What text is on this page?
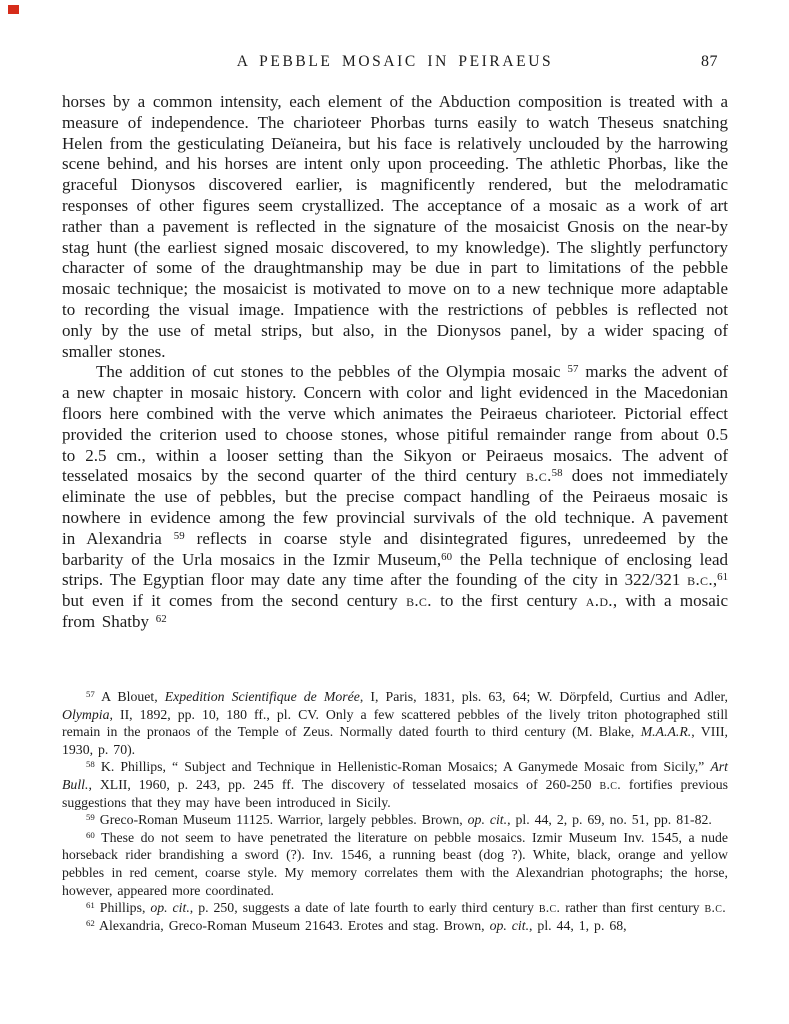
A PEBBLE MOSAIC IN PEIRAEUS	87

horses by a common intensity, each element of the Abduction composition is treated with a measure of independence. The charioteer Phorbas turns easily to watch Theseus snatching Helen from the gesticulating Deïaneira, but his face is relatively unclouded by the harrowing scene behind, and his horses are intent only upon proceeding. The athletic Phorbas, like the graceful Dionysos discovered earlier, is magnificently rendered, but the melodramatic responses of other figures seem crystallized. The acceptance of a mosaic as a work of art rather than a pavement is reflected in the signature of the mosaicist Gnosis on the near-by stag hunt (the earliest signed mosaic discovered, to my knowledge). The slightly perfunctory character of some of the draughtmanship may be due in part to limitations of the pebble mosaic technique; the mosaicist is motivated to move on to a new technique more adaptable to recording the visual image. Impatience with the restrictions of pebbles is reflected not only by the use of metal strips, but also, in the Dionysos panel, by a wider spacing of smaller stones.

The addition of cut stones to the pebbles of the Olympia mosaic $^{57}$ marks the advent of a new chapter in mosaic history. Concern with color and light evidenced in the Macedonian floors here combined with the verve which animates the Peiraeus charioteer. Pictorial effect provided the criterion used to choose stones, whose pitiful remainder range from about 0.5 to 2.5 cm., within a looser setting than the Sikyon or Peiraeus mosaics. The advent of tesselated mosaics by the second quarter of the third century b.c.$^{58}$ does not immediately eliminate the use of pebbles, but the precise compact handling of the Peiraeus mosaic is nowhere in evidence among the few provincial survivals of the old technique. A pavement in Alexandria $^{59}$ reflects in coarse style and disintegrated figures, unredeemed by the barbarity of the Urla mosaics in the Izmir Museum,$^{60}$ the Pella technique of enclosing lead strips. The Egyptian floor may date any time after the founding of the city in 322/321 b.c.,$^{61}$ but even if it comes from the second century b.c. to the first century a.d., with a mosaic from Shatby $^{62}$

$^{57}$ A Blouet, Expedition Scientifique de Morée, I, Paris, 1831, pls. 63, 64; W. Dörpfeld, Curtius and Adler, Olympia, II, 1892, pp. 10, 180 ff., pl. CV. Only a few scattered pebbles of the lively triton photographed still remain in the pronaos of the Temple of Zeus. Normally dated fourth to third century (M. Blake, M.A.A.R., VIII, 1930, p. 70).

$^{58}$ K. Phillips, “ Subject and Technique in Hellenistic-Roman Mosaics; A Ganymede Mosaic from Sicily,” Art Bull., XLII, 1960, p. 243, pp. 245 ff. The discovery of tesselated mosaics of 260-250 b.c. fortifies previous suggestions that they may have been introduced in Sicily.

$^{59}$ Greco-Roman Museum 11125. Warrior, largely pebbles. Brown, op. cit., pl. 44, 2, p. 69, no. 51, pp. 81-82.

$^{60}$ These do not seem to have penetrated the literature on pebble mosaics. Izmir Museum Inv. 1545, a nude horseback rider brandishing a sword (?). Inv. 1546, a running beast (dog ?). White, black, orange and yellow pebbles in red cement, coarse style. My memory correlates them with the Alexandrian photographs; the horse, however, appeared more coordinated.

$^{61}$ Phillips, op. cit., p. 250, suggests a date of late fourth to early third century b.c. rather than first century b.c.

$^{62}$ Alexandria, Greco-Roman Museum 21643. Erotes and stag. Brown, op. cit., pl. 44, 1, p. 68,
